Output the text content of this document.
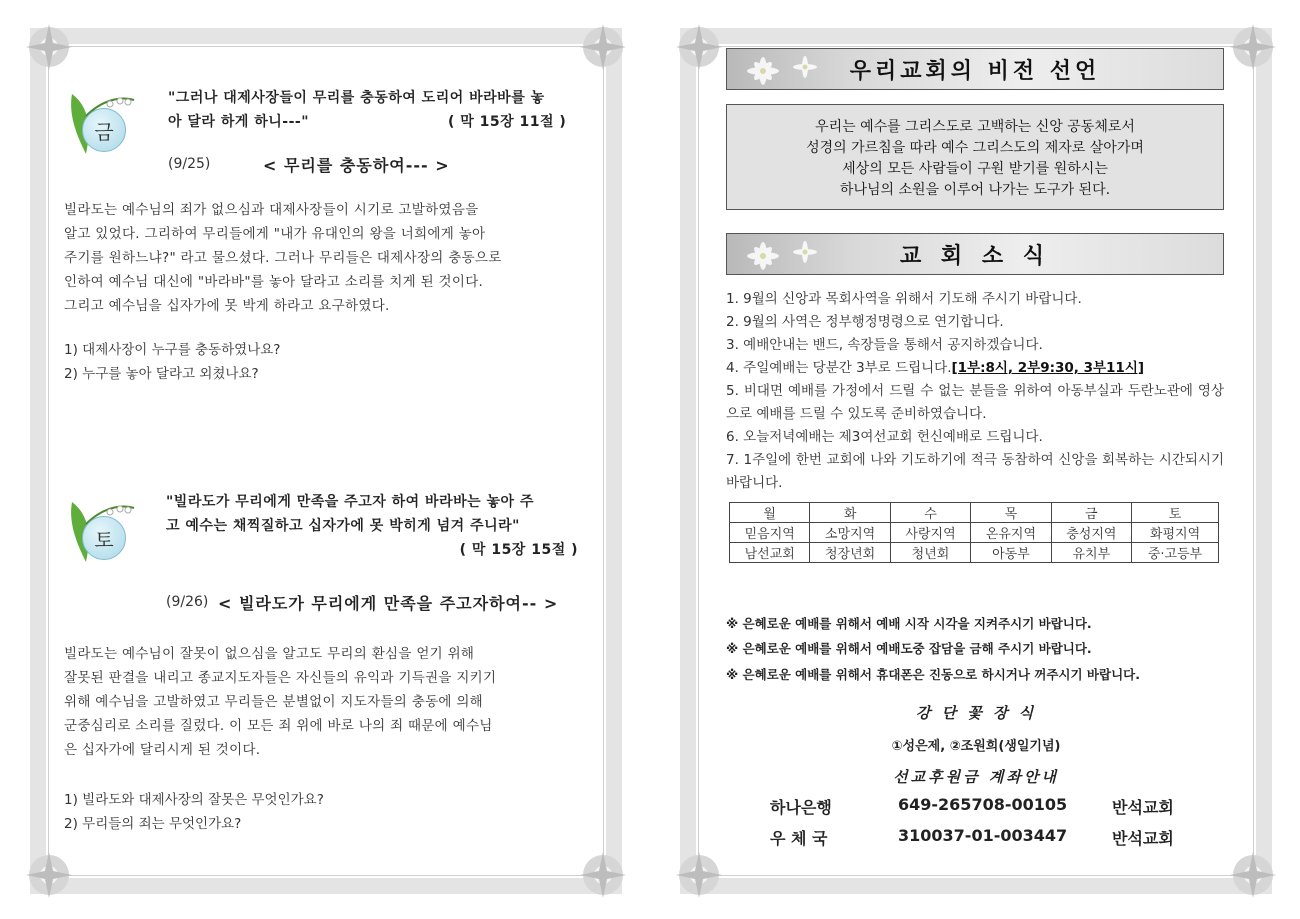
금
"그러나 대제사장들이 무리를 충동하여 도리어 바라바를 놓
아 달라 하게 하니---"	( 막 15장 11절 )
(9/25)	< 무리를 충동하여--- >
빌라도는 예수님의 죄가 없으심과 대제사장들이 시기로 고발하였음을
알고 있었다. 그리하여 무리들에게 "내가 유대인의 왕을 너희에게 놓아
주기를 원하느냐?" 라고 물으셨다. 그러나 무리들은 대제사장의 충동으로
인하여 예수님 대신에 "바라바"를 놓아 달라고 소리를 치게 된 것이다.
그리고 예수님을 십자가에 못 박게 하라고 요구하였다.
1) 대제사장이 누구를 충동하였나요?
2) 누구를 놓아 달라고 외쳤나요?
토
"빌라도가 무리에게 만족을 주고자 하여 바라바는 놓아 주
고 예수는 채찍질하고 십자가에 못 박히게 넘겨 주니라"
( 막 15장 15절 )
(9/26) < 빌라도가 무리에게 만족을 주고자하여-- >
빌라도는 예수님이 잘못이 없으심을 알고도 무리의 환심을 얻기 위해
잘못된 판결을 내리고 종교지도자들은 자신들의 유익과 기득권을 지키기
위해 예수님을 고발하였고 무리들은 분별없이 지도자들의 충동에 의해
군중심리로 소리를 질렀다. 이 모든 죄 위에 바로 나의 죄 때문에 예수님
은 십자가에 달리시게 된 것이다.
1) 빌라도와 대제사장의 잘못은 무엇인가요?
2) 무리들의 죄는 무엇인가요?
우리교회의 비전 선언
우리는 예수를 그리스도로 고백하는 신앙 공동체로서
성경의 가르침을 따라 예수 그리스도의 제자로 살아가며
세상의 모든 사람들이 구원 받기를 원하시는
하나님의 소원을 이루어 나가는 도구가 된다.
교 회 소 식
1. 9월의 신앙과 목회사역을 위해서 기도해 주시기 바랍니다.
2. 9월의 사역은 정부행정명령으로 연기합니다.
3. 예배안내는 밴드, 속장들을 통해서 공지하겠습니다.
4. 주일예배는 당분간 3부로 드립니다.[1부:8시, 2부9:30, 3부11시]
5. 비대면 예배를 가정에서 드릴 수 없는 분들을 위하여 아동부실과 두란노관에 영상으로 예배를 드릴 수 있도록 준비하였습니다.
6. 오늘저녁예배는 제3여선교회 헌신예배로 드립니다.
7. 1주일에 한번 교회에 나와 기도하기에 적극 동참하여 신앙을 회복하는 시간되시기 바랍니다.
월	화	수	목	금	토
믿음지역	소망지역	사랑지역	온유지역	충성지역	화평지역
남선교회	청장년회	청년회	아동부	유치부	중·고등부
※ 은혜로운 예배를 위해서 예배 시작 시각을 지켜주시기 바랍니다.
※ 은혜로운 예배를 위해서 예배도중 잡담을 금해 주시기 바랍니다.
※ 은혜로운 예배를 위해서 휴대폰은 진동으로 하시거나 꺼주시기 바랍니다.
강 단 꽃 장 식
①성은제, ②조원희(생일기념)
선교후원금 계좌안내
하나은행	649-265708-00105	반석교회
우 체 국	310037-01-003447	반석교회
